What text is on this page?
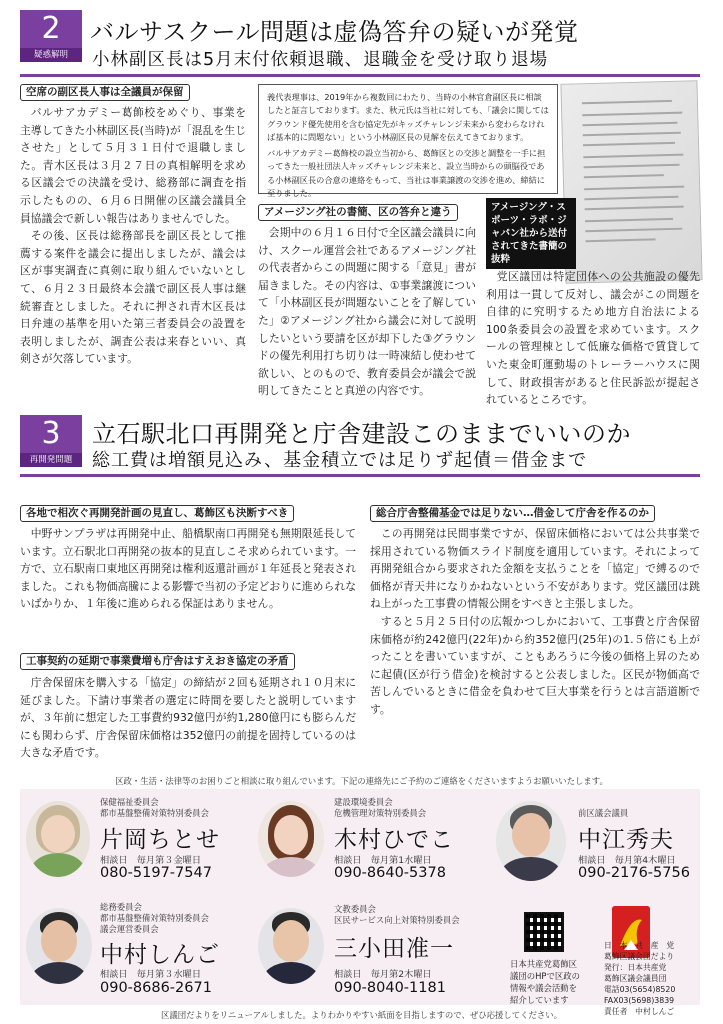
2
疑惑解明
バルサスクール問題は虚偽答弁の疑いが発覚
小林副区長は5月末付依頼退職、退職金を受け取り退場
空席の副区長人事は全議員が保留

バルサアカデミー葛飾校をめぐり、事業を主導してきた小林副区長(当時)が「混乱を生じさせた」として５月３１日付で退職しました。青木区長は３月２７日の真相解明を求める区議会での決議を受け、総務部に調査を指示したものの、６月６日開催の区議会議員全員協議会で新しい報告はありませんでした。

その後、区長は総務部長を副区長として推薦する案件を議会に提出しましたが、議会は区が事実調査に真剣に取り組んでいないとして、６月２３日最終本会議で副区長人事は継続審査としました。それに押され青木区長は日弁連の基準を用いた第三者委員会の設置を表明しましたが、調査公表は来春といい、真剣さが欠落しています。

義代表理事は、2019年から複数回にわたり、当時の小林官倉副区長に相談したと証言しております。また、秋元氏は当社に対しても、「議会に関してはグラウンド優先使用を含む協定先がキッズチャレンジ未来から変わらなければ基本的に問題ない」という小林副区長の見解を伝えてきております。

バルサアカデミー葛飾校の設立当初から、葛飾区との交渉と調整を一手に担ってきた一般社団法人キッズチャレンジ未来と、設立当時からの頭脳役である小林副区長の合意の連絡をもって、当社は事業譲渡の交渉を進め、締結に至りました。

アメージング・スポーツ・ラボ・ジャパン社から送付されてきた書簡の抜粋
アメージング社の書簡、区の答弁と違う

会期中の６月１６日付で全区議会議員に向け、スクール運営会社であるアメージング社の代表者からこの問題に関する「意見」書が届きました。その内容は、①事業譲渡について「小林副区長が問題ないことを了解していた」②アメージング社から議会に対して説明したいという要請を区が却下した③グラウンドの優先利用打ち切りは一時凍結し使わせて欲しい、とのもので、教育委員会が議会で説明してきたことと真逆の内容です。

党区議団は特定団体への公共施設の優先利用は一貫して反対し、議会がこの問題を自律的に究明するため地方自治法による100条委員会の設置を求めています。スクールの管理棟として低廉な価格で賃貸していた東金町運動場のトレーラーハウスに関して、財政損害があると住民訴訟が提起されているところです。

3
再開発問題
立石駅北口再開発と庁舎建設このままでいいのか
総工費は増額見込み、基金積立では足りず起債＝借金まで
各地で相次ぐ再開発計画の見直し、葛飾区も決断すべき

中野サンプラザは再開発中止、船橋駅南口再開発も無期限延長しています。立石駅北口再開発の抜本的見直しこそ求められています。一方で、立石駅南口東地区再開発は権利返還計画が１年延長と発表されました。これも物価高騰による影響で当初の予定どおりに進められないばかりか、１年後に進められる保証はありません。

工事契約の延期で事業費増も庁舎はすえおき協定の矛盾

庁舎保留床を購入する「協定」の締結が２回も延期され１０月末に延びました。下請け事業者の選定に時間を要したと説明していますが、３年前に想定した工事費約932億円が約1,280億円にも膨らんだにも関わらず、庁舎保留床価格は352億円の前提を固持しているのは大きな矛盾です。

総合庁舎整備基金では足りない…借金して庁舎を作るのか

この再開発は民間事業ですが、保留床価格においては公共事業で採用されている物価スライド制度を適用しています。それによって再開発組合から要求された金額を支払うことを「協定」で縛るので価格が青天井になりかねないという不安があります。党区議団は跳ね上がった工事費の情報公開をすべきと主張しました。

すると５月２５日付の広報かつしかにおいて、工事費と庁舎保留床価格が約242億円(22年)から約352億円(25年)の1.５倍にも上がったことを書いていますが、こともあろうに今後の価格上昇のために起債(区が行う借金)を検討すると公表しました。区民が物価高で苦しんでいるときに借金を負わせて巨大事業を行うとは言語道断です。

区政・生活・法律等のお困りごと相談に取り組んでいます。下記の連絡先にご予約のご連絡をくださいますようお願いいたします。
保健福祉委員会
都市基盤整備対策特別委員会
片岡ちとせ
相談日　毎月第３金曜日
080-5197-7547
建設環境委員会
危機管理対策特別委員会
木村ひでこ
相談日　毎月第1水曜日
090-8640-5378
前区議会議員
中江秀夫
相談日　毎月第4木曜日
090-2176-5756
総務委員会
都市基盤整備対策特別委員会
議会運営委員会
中村しんご
相談日　毎月第３水曜日
090-8686-2671
文教委員会
区民サービス向上対策特別委員会
三小田准一
相談日　毎月第2木曜日
090-8040-1181
日本共産党葛飾区
議団のHPで区政の
情報や議会活動を
紹介しています
日　本　共　産　党
葛飾区議会団だより
発行：日本共産党
葛飾区議会議員団
電話03(5654)8520
FAX03(5698)3839
責任者　中村しんご
区議団だよりをリニューアルしました。よりわかりやすい紙面を目指しますので、ぜひ応援してください。
